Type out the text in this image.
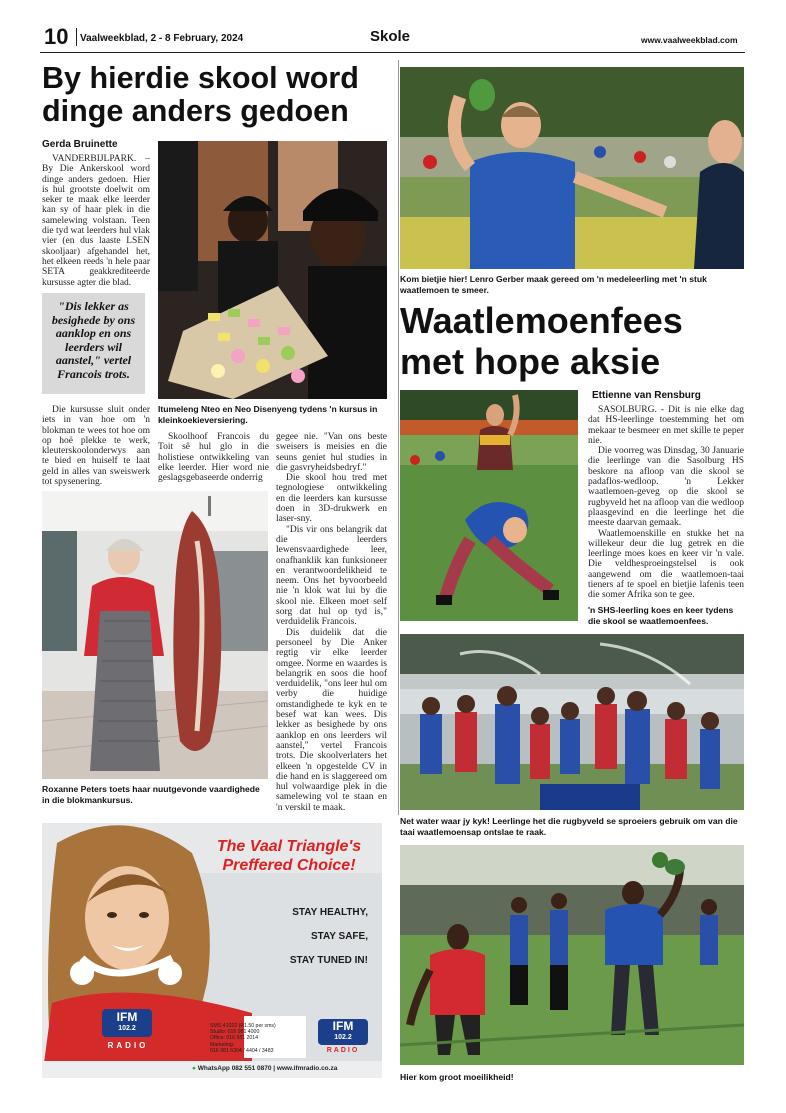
10 Vaalweekblad, 2 - 8 February, 2024	Skole	www.vaalweekblad.com
By hierdie skool word dinge anders gedoen
Gerda Bruinette

VANDERBIJLPARK. – By Die Ankerskool word dinge anders gedoen. Hier is hul grootste doelwit om seker te maak elke leerder kan sy of haar plek in die samelewing volstaan. Teen die tyd wat leerders hul vlak vier (en dus laaste LSEN skooljaar) afgehandel het, het elkeen reeds 'n hele paar SETA geakkrediteerde kursusse agter die blad.

"Dis lekker as besighede by ons aanklop en ons leerders wil aanstel," vertel Francois trots.

Die kursusse sluit onder iets in van hoe om 'n blokman te wees tot hoe om op hoë plekke te werk, kleuterskoolonderwys aan te bied en huiself te laat geld in alles van sweiswerk tot spysenering.

Itumeleng Nteo en Neo Disenyeng tydens 'n kursus in kleinkoekieversiering.

Skoolhoof Francois du Toit sê hul glo in die holistiese ontwikkeling van elke leerder. Hier word nie geslagsgebaseerde onderrig

gegee nie. "Van ons beste sweisers is meisies en die seuns geniet hul studies in die gasvryheidsbedryf."

Die skool hou tred met tegnologiese ontwikkeling en die leerders kan kursusse doen in 3D-drukwerk en laser-sny.

"Dis vir ons belangrik dat die leerders lewensvaardighede leer, onafhanklik kan funksioneer en verantwoordelikheid te neem. Ons het byvoorbeeld nie 'n klok wat lui by die skool nie. Elkeen moet self sorg dat hul op tyd is," verduidelik Francois.

Dis duidelik dat die personeel by Die Anker regtig vir elke leerder omgee. Norme en waardes is belangrik en soos die hoof verduidelik, "ons leer hul om verby die huidige omstandighede te kyk en te besef wat kan wees. Dis lekker as besighede by ons aanklop en ons leerders wil aanstel," vertel Francois trots. Die skoolverlaters het elkeen 'n opgestelde CV in die hand en is slaggereed om hul volwaardige plek in die samelewing vol te staan en 'n verskil te maak.

Roxanne Peters toets haar nuutgevonde vaardighede in die blokmankursus.
The Vaal Triangle's
Preffered Choice!
STAY HEALTHY,
STAY SAFE,
STAY TUNED IN!
IFM
102.2
RADIO
SMS 41022 (R1.50 per sms)
Studio: 016 981 4000
Office: 016 981 2014
Marketing:
016 981 6304 / 4404 / 3483
IFM
102.2
RADIO
● WhatsApp 082 551 0870 | www.ifmradio.co.za
Kom bietjie hier! Lenro Gerber maak gereed om 'n medeleerling met 'n stuk waatlemoen te smeer.
Waatlemoenfees met hope aksie
Ettienne van Rensburg
'n SHS-leerling koes en keer tydens die skool se waatlemoenfees.

SASOLBURG. - Dit is nie elke dag dat HS-leerlinge toestemming het om mekaar te besmeer en met skille te peper nie.

Die voorreg was Dinsdag, 30 Januarie die leerlinge van die Sasolburg HS beskore na afloop van die skool se padaflos-wedloop. 'n Lekker waatlemoen-geveg op die skool se rugbyveld het na afloop van die wedloop plaasgevind en die leerlinge het die meeste daarvan gemaak.

Waatlemoenskille en stukke het na willekeur deur die lug getrek en die leerlinge moes koes en keer vir 'n vale. Die veldhesproeingstelsel is ook aangewend om die waatlemoen-taai tieners af te spoel en bietjie lafenis teen die somer Afrika son te gee.

Net water waar jy kyk! Leerlinge het die rugbyveld se sproeiers gebruik om van die taai waatlemoensap ontslae te raak.
Hier kom groot moeilikheid!
